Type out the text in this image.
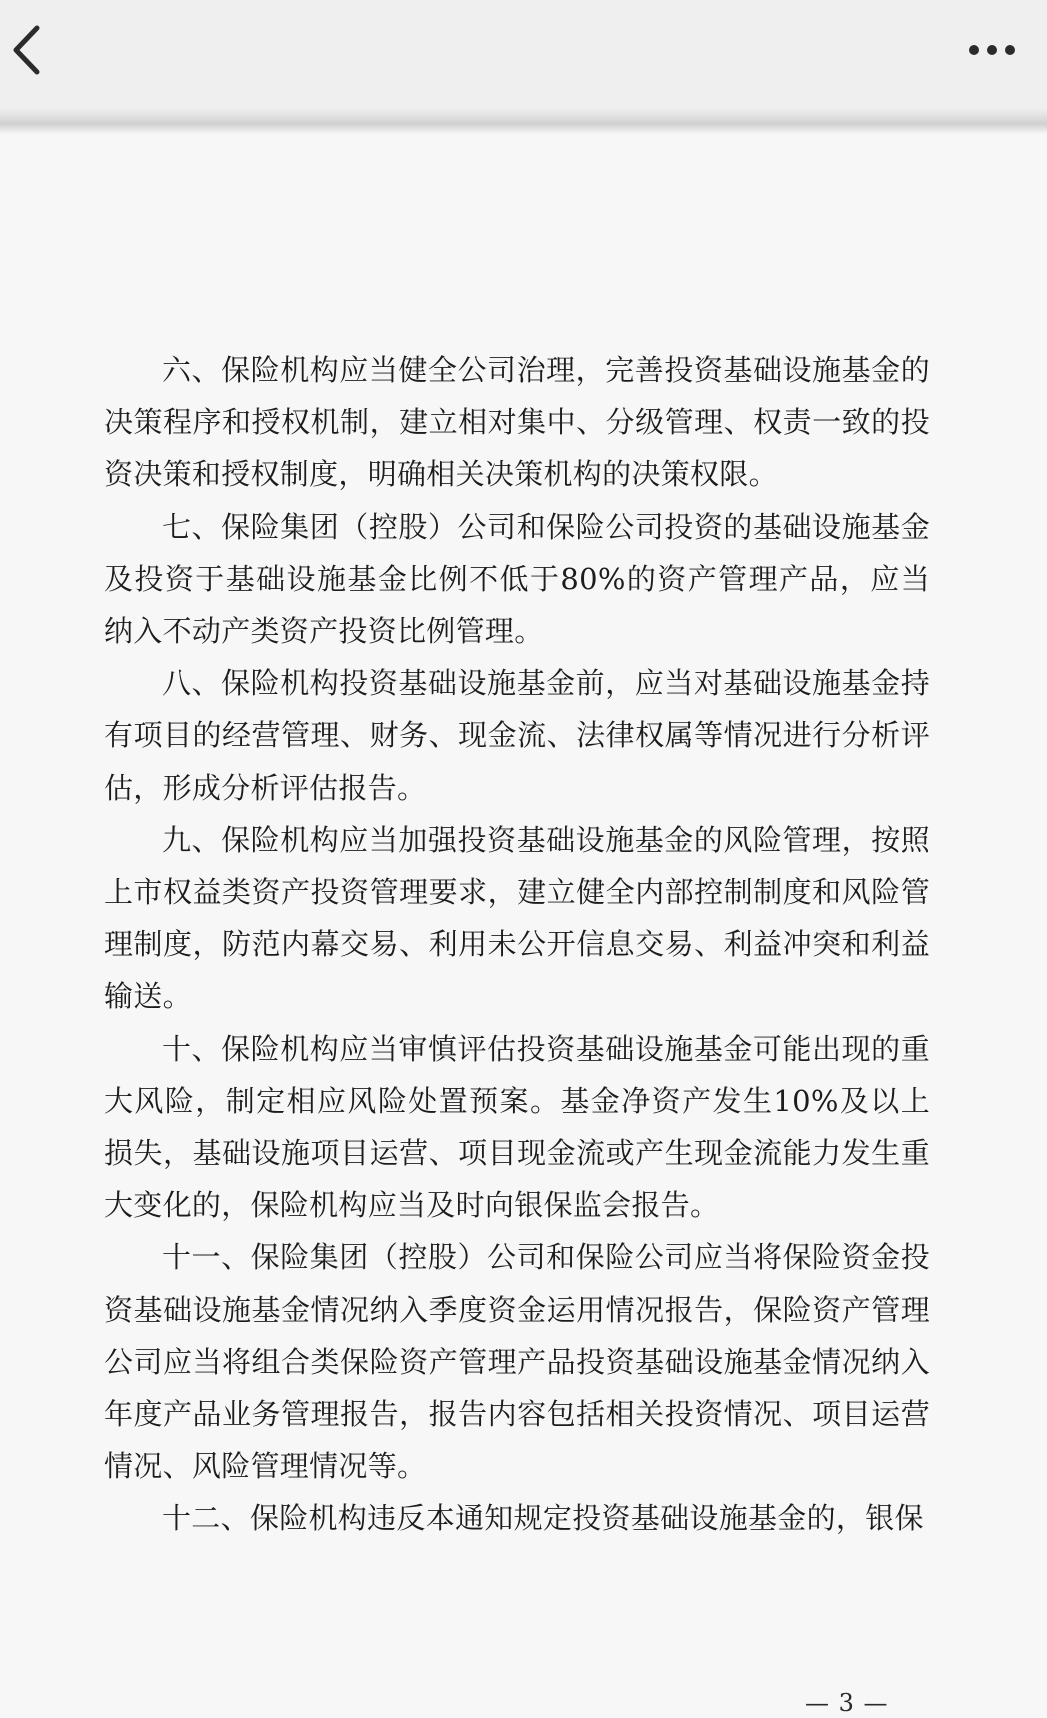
六、保险机构应当健全公司治理，完善投资基础设施基金的决策程序和授权机制，建立相对集中、分级管理、权责一致的投资决策和授权制度，明确相关决策机构的决策权限。

七、保险集团（控股）公司和保险公司投资的基础设施基金及投资于基础设施基金比例不低于80%的资产管理产品，应当纳入不动产类资产投资比例管理。

八、保险机构投资基础设施基金前，应当对基础设施基金持有项目的经营管理、财务、现金流、法律权属等情况进行分析评估，形成分析评估报告。

九、保险机构应当加强投资基础设施基金的风险管理，按照上市权益类资产投资管理要求，建立健全内部控制制度和风险管理制度，防范内幕交易、利用未公开信息交易、利益冲突和利益输送。

十、保险机构应当审慎评估投资基础设施基金可能出现的重大风险，制定相应风险处置预案。基金净资产发生10%及以上损失，基础设施项目运营、项目现金流或产生现金流能力发生重大变化的，保险机构应当及时向银保监会报告。

十一、保险集团（控股）公司和保险公司应当将保险资金投资基础设施基金情况纳入季度资金运用情况报告，保险资产管理公司应当将组合类保险资产管理产品投资基础设施基金情况纳入年度产品业务管理报告，报告内容包括相关投资情况、项目运营情况、风险管理情况等。

十二、保险机构违反本通知规定投资基础设施基金的，银保

— 3 —
